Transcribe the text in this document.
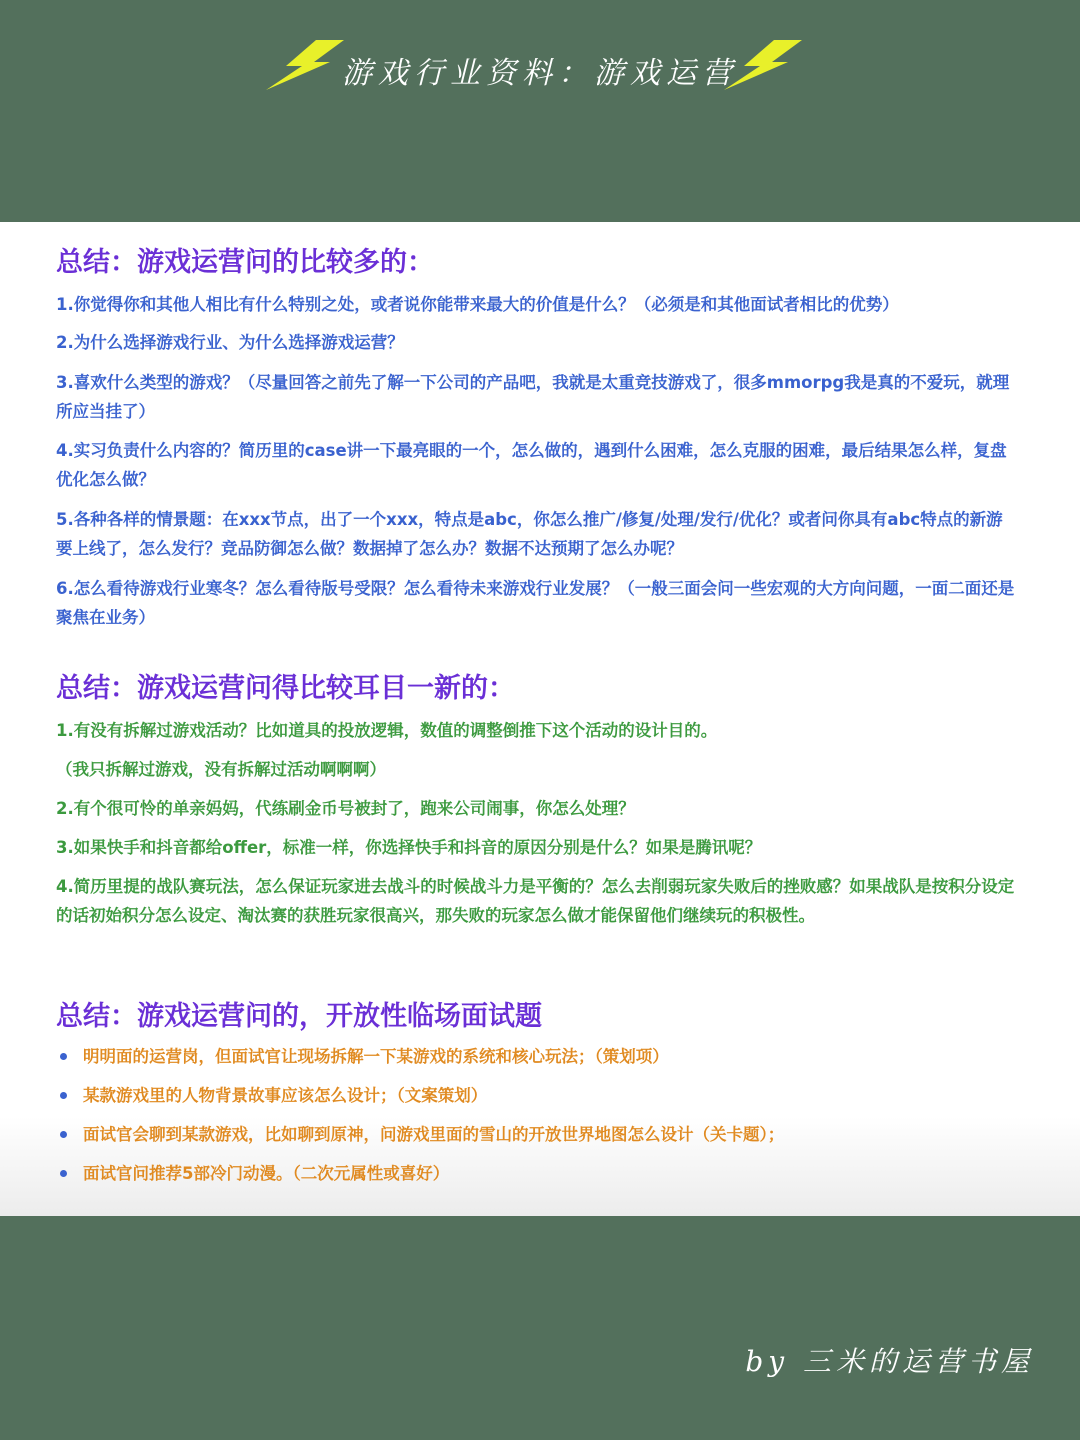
游戏行业资料：游戏运营
总结：游戏运营问的比较多的：
1.你觉得你和其他人相比有什么特别之处，或者说你能带来最大的价值是什么？（必须是和其他面试者相比的优势）
2.为什么选择游戏行业、为什么选择游戏运营？
3.喜欢什么类型的游戏？（尽量回答之前先了解一下公司的产品吧，我就是太重竞技游戏了，很多mmorpg我是真的不爱玩，就理所应当挂了）
4.实习负责什么内容的？简历里的case讲一下最亮眼的一个，怎么做的，遇到什么困难，怎么克服的困难，最后结果怎么样，复盘优化怎么做？
5.各种各样的情景题：在xxx节点，出了一个xxx，特点是abc，你怎么推广/修复/处理/发行/优化？或者问你具有abc特点的新游要上线了，怎么发行？竞品防御怎么做？数据掉了怎么办？数据不达预期了怎么办呢？
6.怎么看待游戏行业寒冬？怎么看待版号受限？怎么看待未来游戏行业发展？（一般三面会问一些宏观的大方向问题，一面二面还是聚焦在业务）
总结：游戏运营问得比较耳目一新的：
1.有没有拆解过游戏活动？比如道具的投放逻辑，数值的调整倒推下这个活动的设计目的。
（我只拆解过游戏，没有拆解过活动啊啊啊）
2.有个很可怜的单亲妈妈，代练刷金币号被封了，跑来公司闹事，你怎么处理？
3.如果快手和抖音都给offer，标准一样，你选择快手和抖音的原因分别是什么？如果是腾讯呢？
4.简历里提的战队赛玩法，怎么保证玩家进去战斗的时候战斗力是平衡的？怎么去削弱玩家失败后的挫败感？如果战队是按积分设定的话初始积分怎么设定、淘汰赛的获胜玩家很高兴，那失败的玩家怎么做才能保留他们继续玩的积极性。
总结：游戏运营问的，开放性临场面试题
明明面的运营岗，但面试官让现场拆解一下某游戏的系统和核心玩法；（策划项）
某款游戏里的人物背景故事应该怎么设计；（文案策划）
面试官会聊到某款游戏，比如聊到原神，问游戏里面的雪山的开放世界地图怎么设计（关卡题）；
面试官问推荐5部冷门动漫。（二次元属性或喜好）
by 三米的运营书屋
